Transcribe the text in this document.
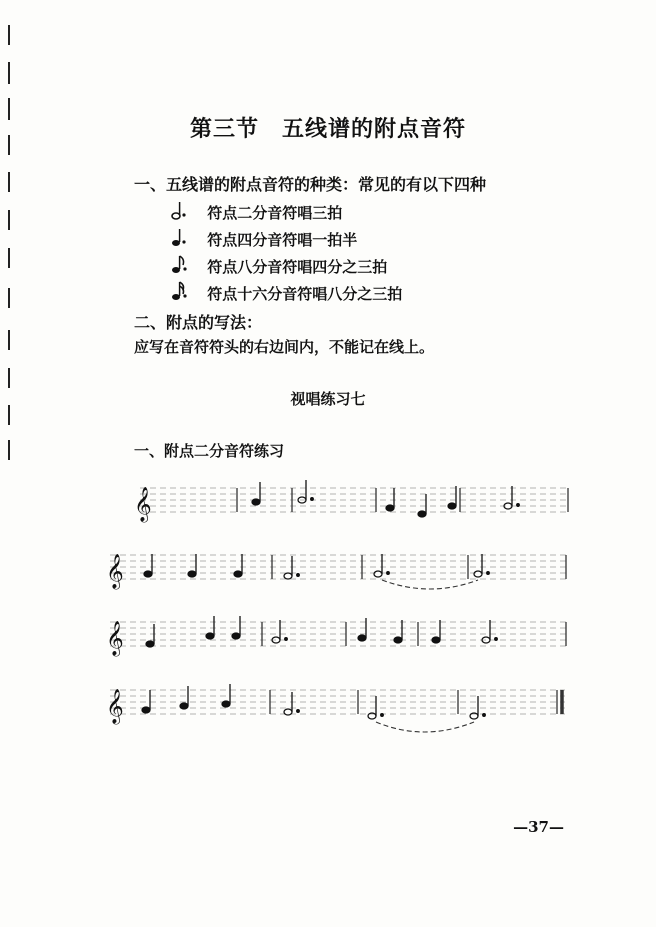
第三节　五线谱的附点音符
一、五线谱的附点音符的种类：常见的有以下四种
符点二分音符唱三拍
符点四分音符唱一拍半
符点八分音符唱四分之三拍
符点十六分音符唱八分之三拍
二、附点的写法：
应写在音符符头的右边间内，不能记在线上。
视唱练习七
一、附点二分音符练习
𝄞
𝄞
𝄞
𝄞
—37—
